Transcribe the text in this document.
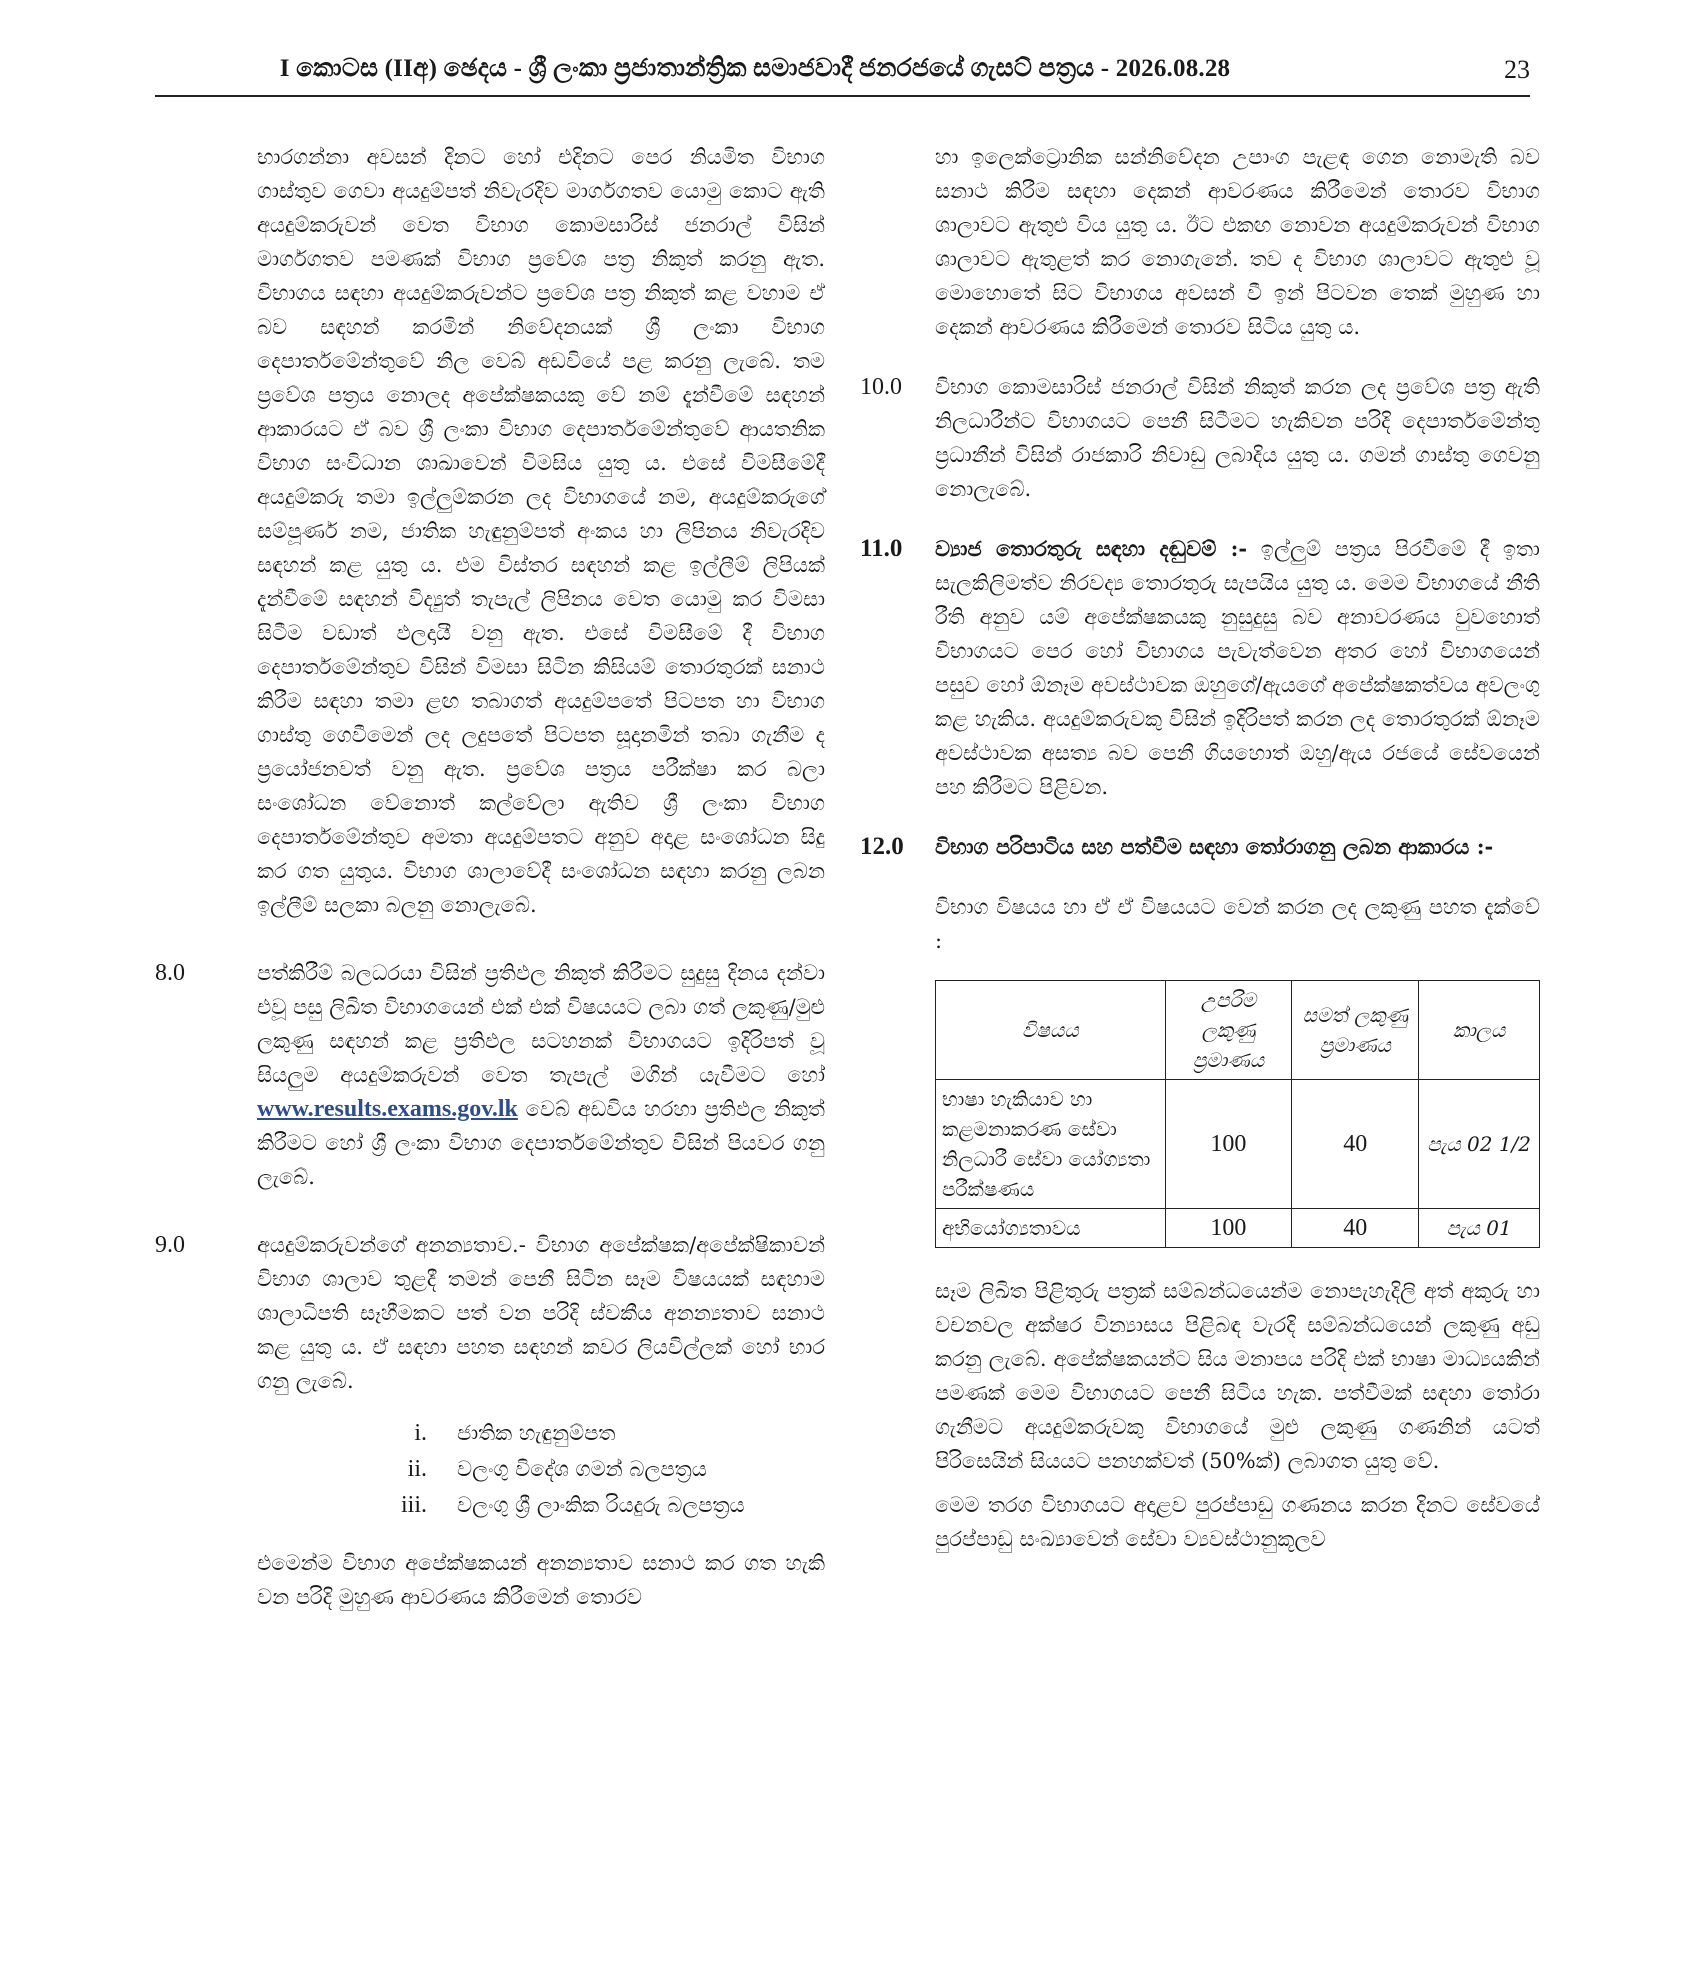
I කොටස (IIඅ) ඡෙදය - ශ්‍රී ලංකා ප්‍රජාතාන්ත්‍රික සමාජවාදී ජනරජයේ ගැසට් පත්‍රය - 2026.08.28	23

භාරගන්නා අවසන් දිනට හෝ එදිනට පෙර නියමිත විභාග ගාස්තුව ගෙවා අයදුම්පත් නිවැරදිව මාර්ගගතව යොමු කොට ඇති අයදුම්කරුවන් වෙත විභාග කොමසාරිස් ජනරාල් විසින් මාර්ගගතව පමණක් විභාග ප්‍රවේශ පත්‍ර නිකුත් කරනු ඇත. විභාගය සඳහා අයදුම්කරුවන්ට ප්‍රවේශ පත්‍ර නිකුත් කළ වහාම ඒ බව සඳහන් කරමින් නිවේදනයක් ශ්‍රී ලංකා විභාග දෙපාර්තමේන්තුවේ නිල වෙබ් අඩවියේ පළ කරනු ලැබේ. තම ප්‍රවේශ පත්‍රය නොලද අපේක්ෂකයකු වේ නම් දැන්වීමේ සඳහන් ආකාරයට ඒ බව ශ්‍රී ලංකා විභාග දෙපාර්තමේන්තුවේ ආයතනික විභාග සංවිධාන ශාඛාවෙන් විමසිය යුතු ය. එසේ විමසීමේදී අයදුම්කරු තමා ඉල්ලුම්කරන ලද විභාගයේ නම, අයදුම්කරුගේ සම්පූර්ණ නම, ජාතික හැඳුනුම්පත් අංකය හා ලිපිනය නිවැරදිව සඳහන් කළ යුතු ය. එම විස්තර සඳහන් කළ ඉල්ලීම් ලිපියක් දැන්වීමේ සඳහන් විද්‍යුත් තැපැල් ලිපිනය වෙත යොමු කර විමසා සිටීම වඩාත් ඵලදායී වනු ඇත. එසේ විමසීමේ දී විභාග දෙපාර්තමේන්තුව විසින් විමසා සිටින කිසියම් තොරතුරක් සනාථ කිරීම සඳහා තමා ළඟ තබාගත් අයදුම්පතේ පිටපත හා විභාග ගාස්තු ගෙවීමෙන් ලද ලදුපතේ පිටපත සූදානමින් තබා ගැනීම ද ප්‍රයෝජනවත් වනු ඇත. ප්‍රවේශ පත්‍රය පරීක්ෂා කර බලා සංශෝධන වේනොත් කල්වේලා ඇතිව ශ්‍රී ලංකා විභාග දෙපාර්තමේන්තුව අමතා අයදුම්පතට අනුව අදාළ සංශෝධන සිදු කර ගත යුතුය. විභාග ශාලාවේදී සංශෝධන සඳහා කරනු ලබන ඉල්ලීම් සලකා බලනු නොලැබේ.

8.0	පත්කිරීම් බලධරයා විසින් ප්‍රතිඵල නිකුත් කිරීමට සුදුසු දිනය දන්වා එවූ පසු ලිඛිත විභාගයෙන් එක් එක් විෂයයට ලබා ගත් ලකුණු/මුළු ලකුණු සඳහන් කළ ප්‍රතිඵල සටහනක් විභාගයට ඉදිරිපත් වූ සියලුම අයදුම්කරුවන් වෙත තැපැල් මගින් යැවීමට හෝ www.results.exams.gov.lk වෙබ් අඩවිය හරහා ප්‍රතිඵල නිකුත් කිරීමට හෝ ශ්‍රී ලංකා විභාග දෙපාර්තමේන්තුව විසින් පියවර ගනු ලැබේ.
9.0	අයදුම්කරුවන්ගේ අනන්‍යතාව.- විභාග අපේක්ෂක/අපේක්ෂිකාවන් විභාග ශාලාව තුළදී තමන් පෙනී සිටින සෑම විෂයයක් සඳහාම ශාලාධිපති සෑහීමකට පත් වන පරිදි ස්වකීය අනන්‍යතාව සනාථ කළ යුතු ය. ඒ සඳහා පහත සඳහන් කවර ලියවිල්ලක් හෝ භාර ගනු ලැබේ.
i. ජාතික හැඳුනුම්පත
ii. වලංගු විදේශ ගමන් බලපත්‍රය
iii. වලංගු ශ්‍රී ලාංකික රියදුරු බලපත්‍රය

එමෙන්ම විභාග අපේක්ෂකයන් අනන්‍යතාව සනාථ කර ගත හැකි වන පරිදි මුහුණ ආවරණය කිරීමෙන් තොරව

හා ඉලෙක්ට්‍රොනික සන්නිවේදන උපාංග පැළඳ ගෙන නොමැති බව සනාථ කිරීම සඳහා දෙකන් ආවරණය කිරීමෙන් තොරව විභාග ශාලාවට ඇතුළු විය යුතු ය. ඊට එකඟ නොවන අයදුම්කරුවන් විභාග ශාලාවට ඇතුළත් කර නොගැනේ. තව ද විභාග ශාලාවට ඇතුළු වූ මොහොතේ සිට විභාගය අවසන් වී ඉන් පිටවන තෙක් මුහුණ හා දෙකන් ආවරණය කිරීමෙන් තොරව සිටිය යුතු ය.

10.0 විභාග කොමසාරිස් ජනරාල් විසින් නිකුත් කරන ලද ප්‍රවේශ පත්‍ර ඇති නිලධාරීන්ට විභාගයට පෙනී සිටීමට හැකිවන පරිදි දෙපාර්තමේන්තු ප්‍රධානීන් විසින් රාජකාරි නිවාඩු ලබාදිය යුතු ය. ගමන් ගාස්තු ගෙවනු නොලැබේ.
11.0 ව්‍යාජ තොරතුරු සඳහා දඬුවම් :- ඉල්ලුම් පත්‍රය පිරවීමේ දී ඉතා සැලකිලිමත්ව නිරවද්‍ය තොරතුරු සැපයිය යුතු ය. මෙම විභාගයේ නීති රීති අනුව යම් අපේක්ෂකයකු නුසුදුසු බව අනාවරණය වුවහොත් විභාගයට පෙර හෝ විභාගය පැවැත්වෙන අතර හෝ විභාගයෙන් පසුව හෝ ඕනෑම අවස්ථාවක ඔහුගේ/ඇයගේ අපේක්ෂකත්වය අවලංගු කළ හැකිය. අයදුම්කරුවකු විසින් ඉදිරිපත් කරන ලද තොරතුරක් ඕනෑම අවස්ථාවක අසත්‍ය බව පෙනී ගියහොත් ඔහු/ඇය රජයේ සේවයෙන් පහ කිරීමට පිළිවන.
12.0 විභාග පරිපාටිය සහ පත්වීම සඳහා තෝරාගනු ලබන ආකාරය :-
විභාග විෂයය හා ඒ ඒ විෂයයට වෙන් කරන ලද ලකුණු පහත දැක්වේ :
විෂයය	උපරිම ලකුණු ප්‍රමාණය	සමත් ලකුණු ප්‍රමාණය	කාලය
භාෂා හැකියාව හා කළමනාකරණ සේවා නිලධාරී සේවා යෝග්‍යතා පරීක්ෂණය	100	40	පැය 02 1/2
අභියෝග්‍යතාවය	100	40	පැය 01

සෑම ලිඛිත පිළිතුරු පත්‍රක් සම්බන්ධයෙන්ම නොපැහැදිලි අත් අකුරු හා වචනවල අක්ෂර වින්‍යාසය පිළිබඳ වැරදි සම්බන්ධයෙන් ලකුණු අඩු කරනු ලැබේ. අපේක්ෂකයන්ට සිය මනාපය පරිදි එක් භාෂා මාධ්‍යයකින් පමණක් මෙම විභාගයට පෙනී සිටිය හැක. පත්වීමක් සඳහා තෝරා ගැනීමට අයදුම්කරුවකු විභාගයේ මුළු ලකුණු ගණනින් යටත් පිරිසෙයින් සියයට පනහක්වත් (50%ක්) ලබාගත යුතු වේ.

මෙම තරග විභාගයට අදාළව පුරප්පාඩු ගණනය කරන දිනට සේවයේ පුරප්පාඩු සංඛ්‍යාවෙන් සේවා ව්‍යවස්ථානුකූලව
